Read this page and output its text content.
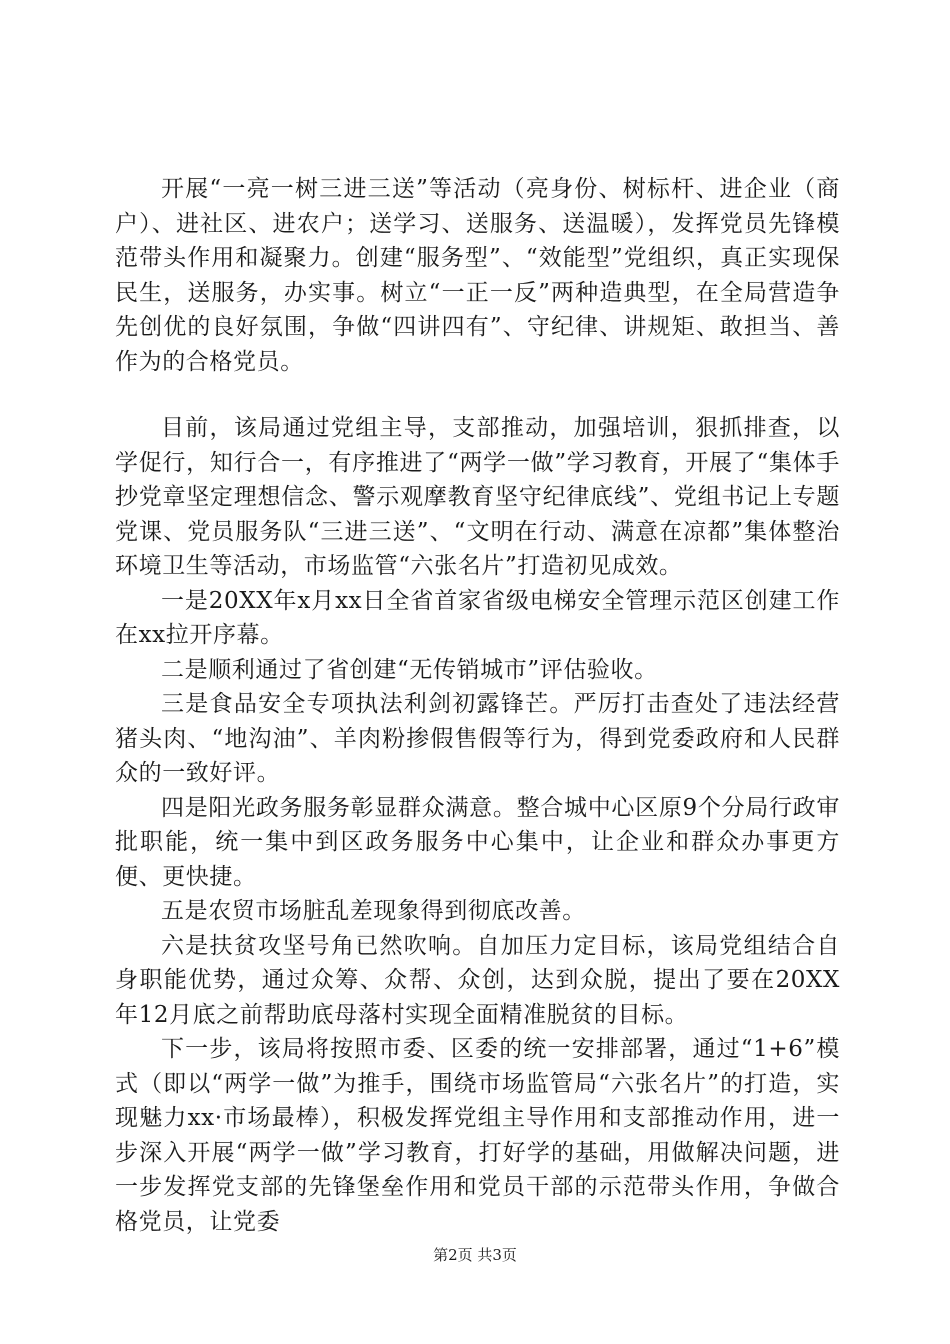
开展“一亮一树三进三送”等活动（亮身份、树标杆、进企业（商户）、进社区、进农户；送学习、送服务、送温暖），发挥党员先锋模范带头作用和凝聚力。创建“服务型”、“效能型”党组织，真正实现保民生，送服务，办实事。树立“一正一反”两种造典型，在全局营造争先创优的良好氛围，争做“四讲四有”、守纪律、讲规矩、敢担当、善作为的合格党员。

目前，该局通过党组主导，支部推动，加强培训，狠抓排查，以学促行，知行合一，有序推进了“两学一做”学习教育，开展了“集体手抄党章坚定理想信念、警示观摩教育坚守纪律底线”、党组书记上专题党课、党员服务队“三进三送”、“文明在行动、满意在凉都”集体整治环境卫生等活动，市场监管“六张名片”打造初见成效。

一是20XX年x月xx日全省首家省级电梯安全管理示范区创建工作在xx拉开序幕。

二是顺利通过了省创建“无传销城市”评估验收。

三是食品安全专项执法利剑初露锋芒。严厉打击查处了违法经营猪头肉、“地沟油”、羊肉粉掺假售假等行为，得到党委政府和人民群众的一致好评。

四是阳光政务服务彰显群众满意。整合城中心区原9个分局行政审批职能，统一集中到区政务服务中心集中，让企业和群众办事更方便、更快捷。

五是农贸市场脏乱差现象得到彻底改善。

六是扶贫攻坚号角已然吹响。自加压力定目标，该局党组结合自身职能优势，通过众筹、众帮、众创，达到众脱，提出了要在20XX年12月底之前帮助底母落村实现全面精准脱贫的目标。

下一步，该局将按照市委、区委的统一安排部署，通过“1+6”模式（即以“两学一做”为推手，围绕市场监管局“六张名片”的打造，实现魅力xx·市场最棒），积极发挥党组主导作用和支部推动作用，进一步深入开展“两学一做”学习教育，打好学的基础，用做解决问题，进一步发挥党支部的先锋堡垒作用和党员干部的示范带头作用，争做合格党员，让党委

第2页 共3页
